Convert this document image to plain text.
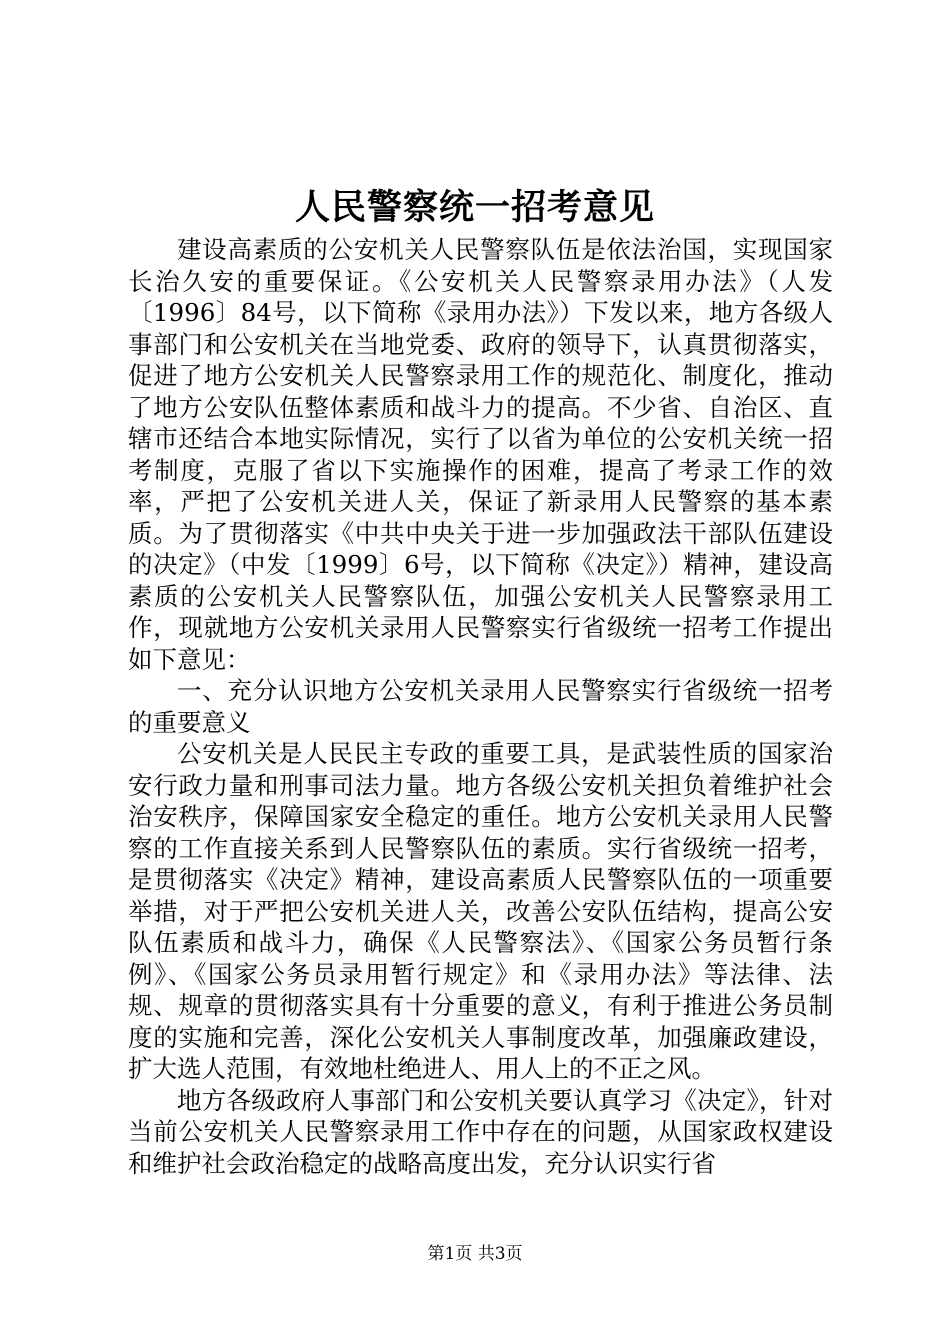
人民警察统一招考意见

建设高素质的公安机关人民警察队伍是依法治国，实现国家长治久安的重要保证。《公安机关人民警察录用办法》（人发〔1996〕84号，以下简称《录用办法》）下发以来，地方各级人事部门和公安机关在当地党委、政府的领导下，认真贯彻落实，促进了地方公安机关人民警察录用工作的规范化、制度化，推动了地方公安队伍整体素质和战斗力的提高。不少省、自治区、直辖市还结合本地实际情况，实行了以省为单位的公安机关统一招考制度，克服了省以下实施操作的困难，提高了考录工作的效率，严把了公安机关进人关，保证了新录用人民警察的基本素质。为了贯彻落实《中共中央关于进一步加强政法干部队伍建设的决定》（中发〔1999〕6号，以下简称《决定》）精神，建设高素质的公安机关人民警察队伍，加强公安机关人民警察录用工作，现就地方公安机关录用人民警察实行省级统一招考工作提出如下意见：

一、充分认识地方公安机关录用人民警察实行省级统一招考的重要意义

公安机关是人民民主专政的重要工具，是武装性质的国家治安行政力量和刑事司法力量。地方各级公安机关担负着维护社会治安秩序，保障国家安全稳定的重任。地方公安机关录用人民警察的工作直接关系到人民警察队伍的素质。实行省级统一招考，是贯彻落实《决定》精神，建设高素质人民警察队伍的一项重要举措，对于严把公安机关进人关，改善公安队伍结构，提高公安队伍素质和战斗力，确保《人民警察法》、《国家公务员暂行条例》、《国家公务员录用暂行规定》和《录用办法》等法律、法规、规章的贯彻落实具有十分重要的意义，有利于推进公务员制度的实施和完善，深化公安机关人事制度改革，加强廉政建设，扩大选人范围，有效地杜绝进人、用人上的不正之风。

地方各级政府人事部门和公安机关要认真学习《决定》，针对当前公安机关人民警察录用工作中存在的问题，从国家政权建设和维护社会政治稳定的战略高度出发，充分认识实行省

第1页 共3页
